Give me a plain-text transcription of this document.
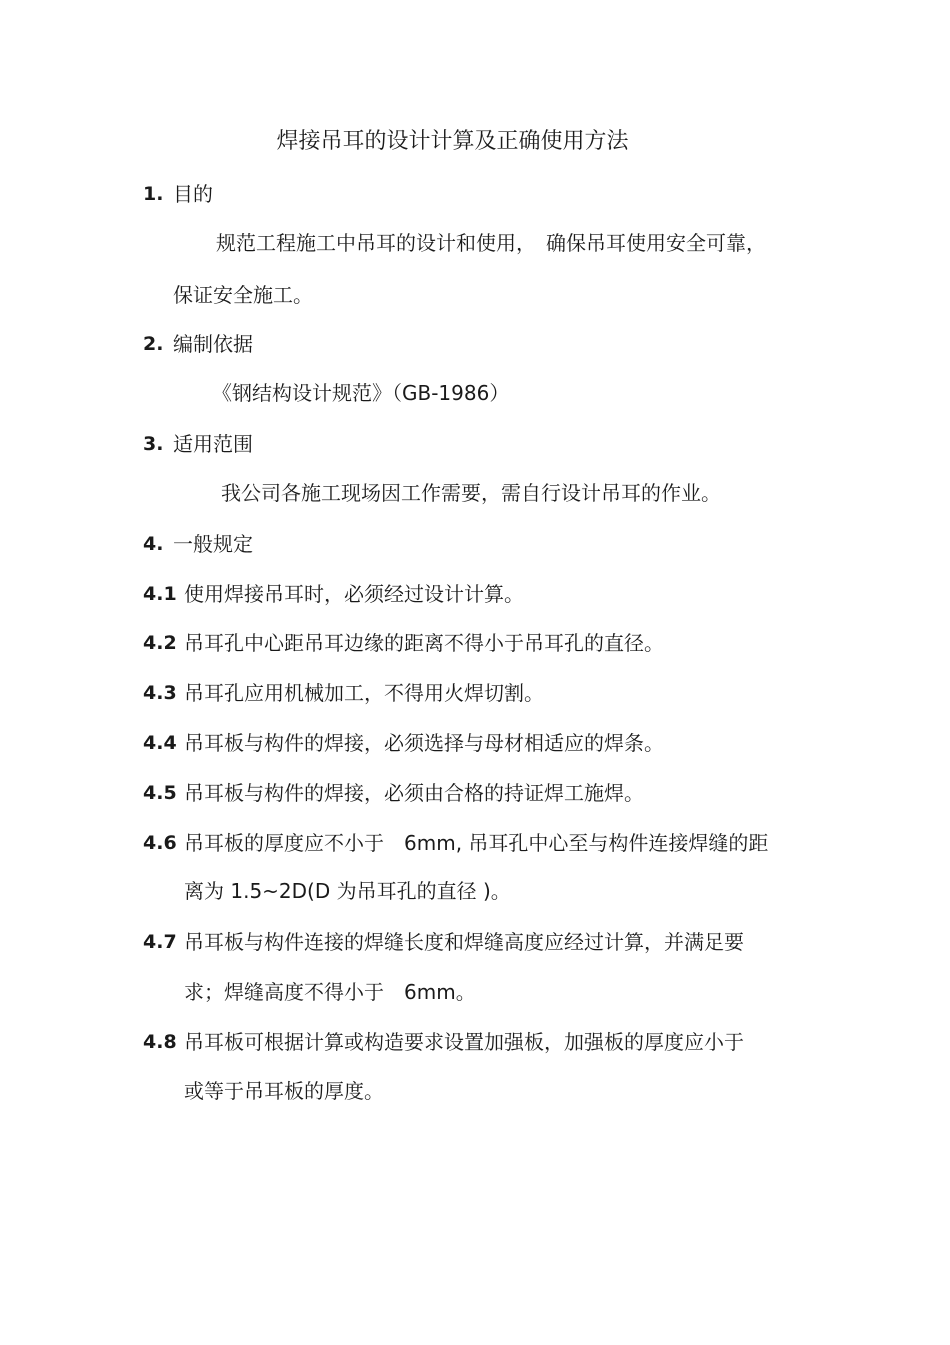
焊接吊耳的设计计算及正确使用方法
1. 目的
规范工程施工中吊耳的设计和使用，　确保吊耳使用安全可靠，
保证安全施工。
2. 编制依据
《钢结构设计规范》（GB-1986）
3. 适用范围
我公司各施工现场因工作需要，需自行设计吊耳的作业。
4. 一般规定
4.1 使用焊接吊耳时，必须经过设计计算。
4.2 吊耳孔中心距吊耳边缘的距离不得小于吊耳孔的直径。
4.3 吊耳孔应用机械加工，不得用火焊切割。
4.4 吊耳板与构件的焊接，必须选择与母材相适应的焊条。
4.5 吊耳板与构件的焊接，必须由合格的持证焊工施焊。
4.6 吊耳板的厚度应不小于　6mm, 吊耳孔中心至与构件连接焊缝的距
离为 1.5~2D(D 为吊耳孔的直径 )。
4.7 吊耳板与构件连接的焊缝长度和焊缝高度应经过计算，并满足要
求；焊缝高度不得小于　6mm。
4.8 吊耳板可根据计算或构造要求设置加强板，加强板的厚度应小于
或等于吊耳板的厚度。
